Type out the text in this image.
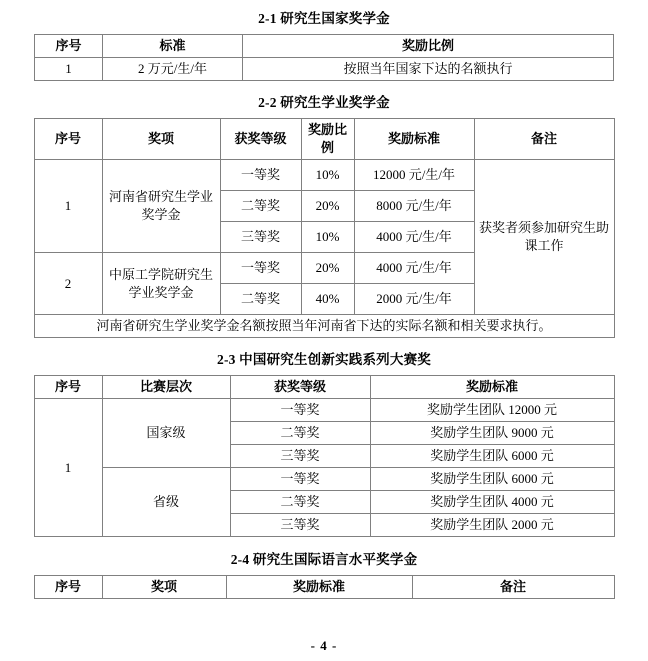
2-1 研究生国家奖学金
序号	标准	奖励比例
1	2 万元/生/年	按照当年国家下达的名额执行
2-2 研究生学业奖学金
序号	奖项	获奖等级	奖励比例	奖励标准	备注
1	河南省研究生学业奖学金	一等奖	10%	12000 元/生/年	获奖者须参加研究生助课工作
		二等奖	20%	8000 元/生/年	
		三等奖	10%	4000 元/生/年	
2	中原工学院研究生学业奖学金	一等奖	20%	4000 元/生/年	
		二等奖	40%	2000 元/生/年	
河南省研究生学业奖学金名额按照当年河南省下达的实际名额和相关要求执行。					
2-3 中国研究生创新实践系列大赛奖
序号	比赛层次	获奖等级	奖励标准
1	国家级	一等奖	奖励学生团队 12000 元
		二等奖	奖励学生团队 9000 元
		三等奖	奖励学生团队 6000 元
	省级	一等奖	奖励学生团队 6000 元
		二等奖	奖励学生团队 4000 元
		三等奖	奖励学生团队 2000 元
2-4 研究生国际语言水平奖学金
序号	奖项	奖励标准	备注
- 4 -
